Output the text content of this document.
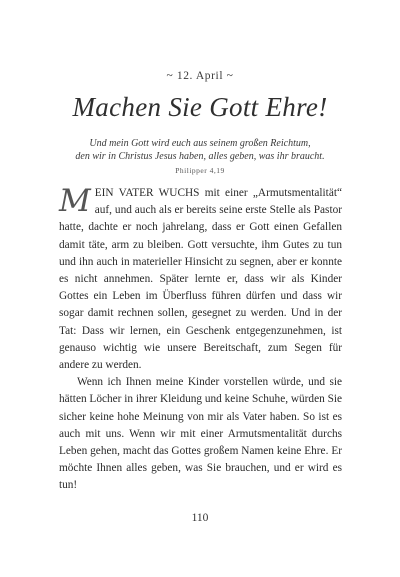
~ 12. April ~
Machen Sie Gott Ehre!
Und mein Gott wird euch aus seinem großen Reichtum,
den wir in Christus Jesus haben, alles geben, was ihr braucht.
Philipper 4,19

MEIN VATER WUCHS mit einer „Armutsmentalität“ auf, und auch als er bereits seine erste Stelle als Pastor hatte, dachte er noch jahrelang, dass er Gott einen Gefallen damit täte, arm zu bleiben. Gott versuchte, ihm Gutes zu tun und ihn auch in materieller Hinsicht zu segnen, aber er konnte es nicht annehmen. Später lernte er, dass wir als Kinder Gottes ein Leben im Überfluss führen dürfen und dass wir sogar damit rechnen sollen, gesegnet zu werden. Und in der Tat: Dass wir lernen, ein Geschenk entgegenzunehmen, ist genauso wichtig wie unsere Bereitschaft, zum Segen für andere zu werden.

Wenn ich Ihnen meine Kinder vorstellen würde, und sie hätten Löcher in ihrer Kleidung und keine Schuhe, würden Sie sicher keine hohe Meinung von mir als Vater haben. So ist es auch mit uns. Wenn wir mit einer Armutsmentalität durchs Leben gehen, macht das Gottes großem Namen keine Ehre. Er möchte Ihnen alles geben, was Sie brauchen, und er wird es tun!

110
